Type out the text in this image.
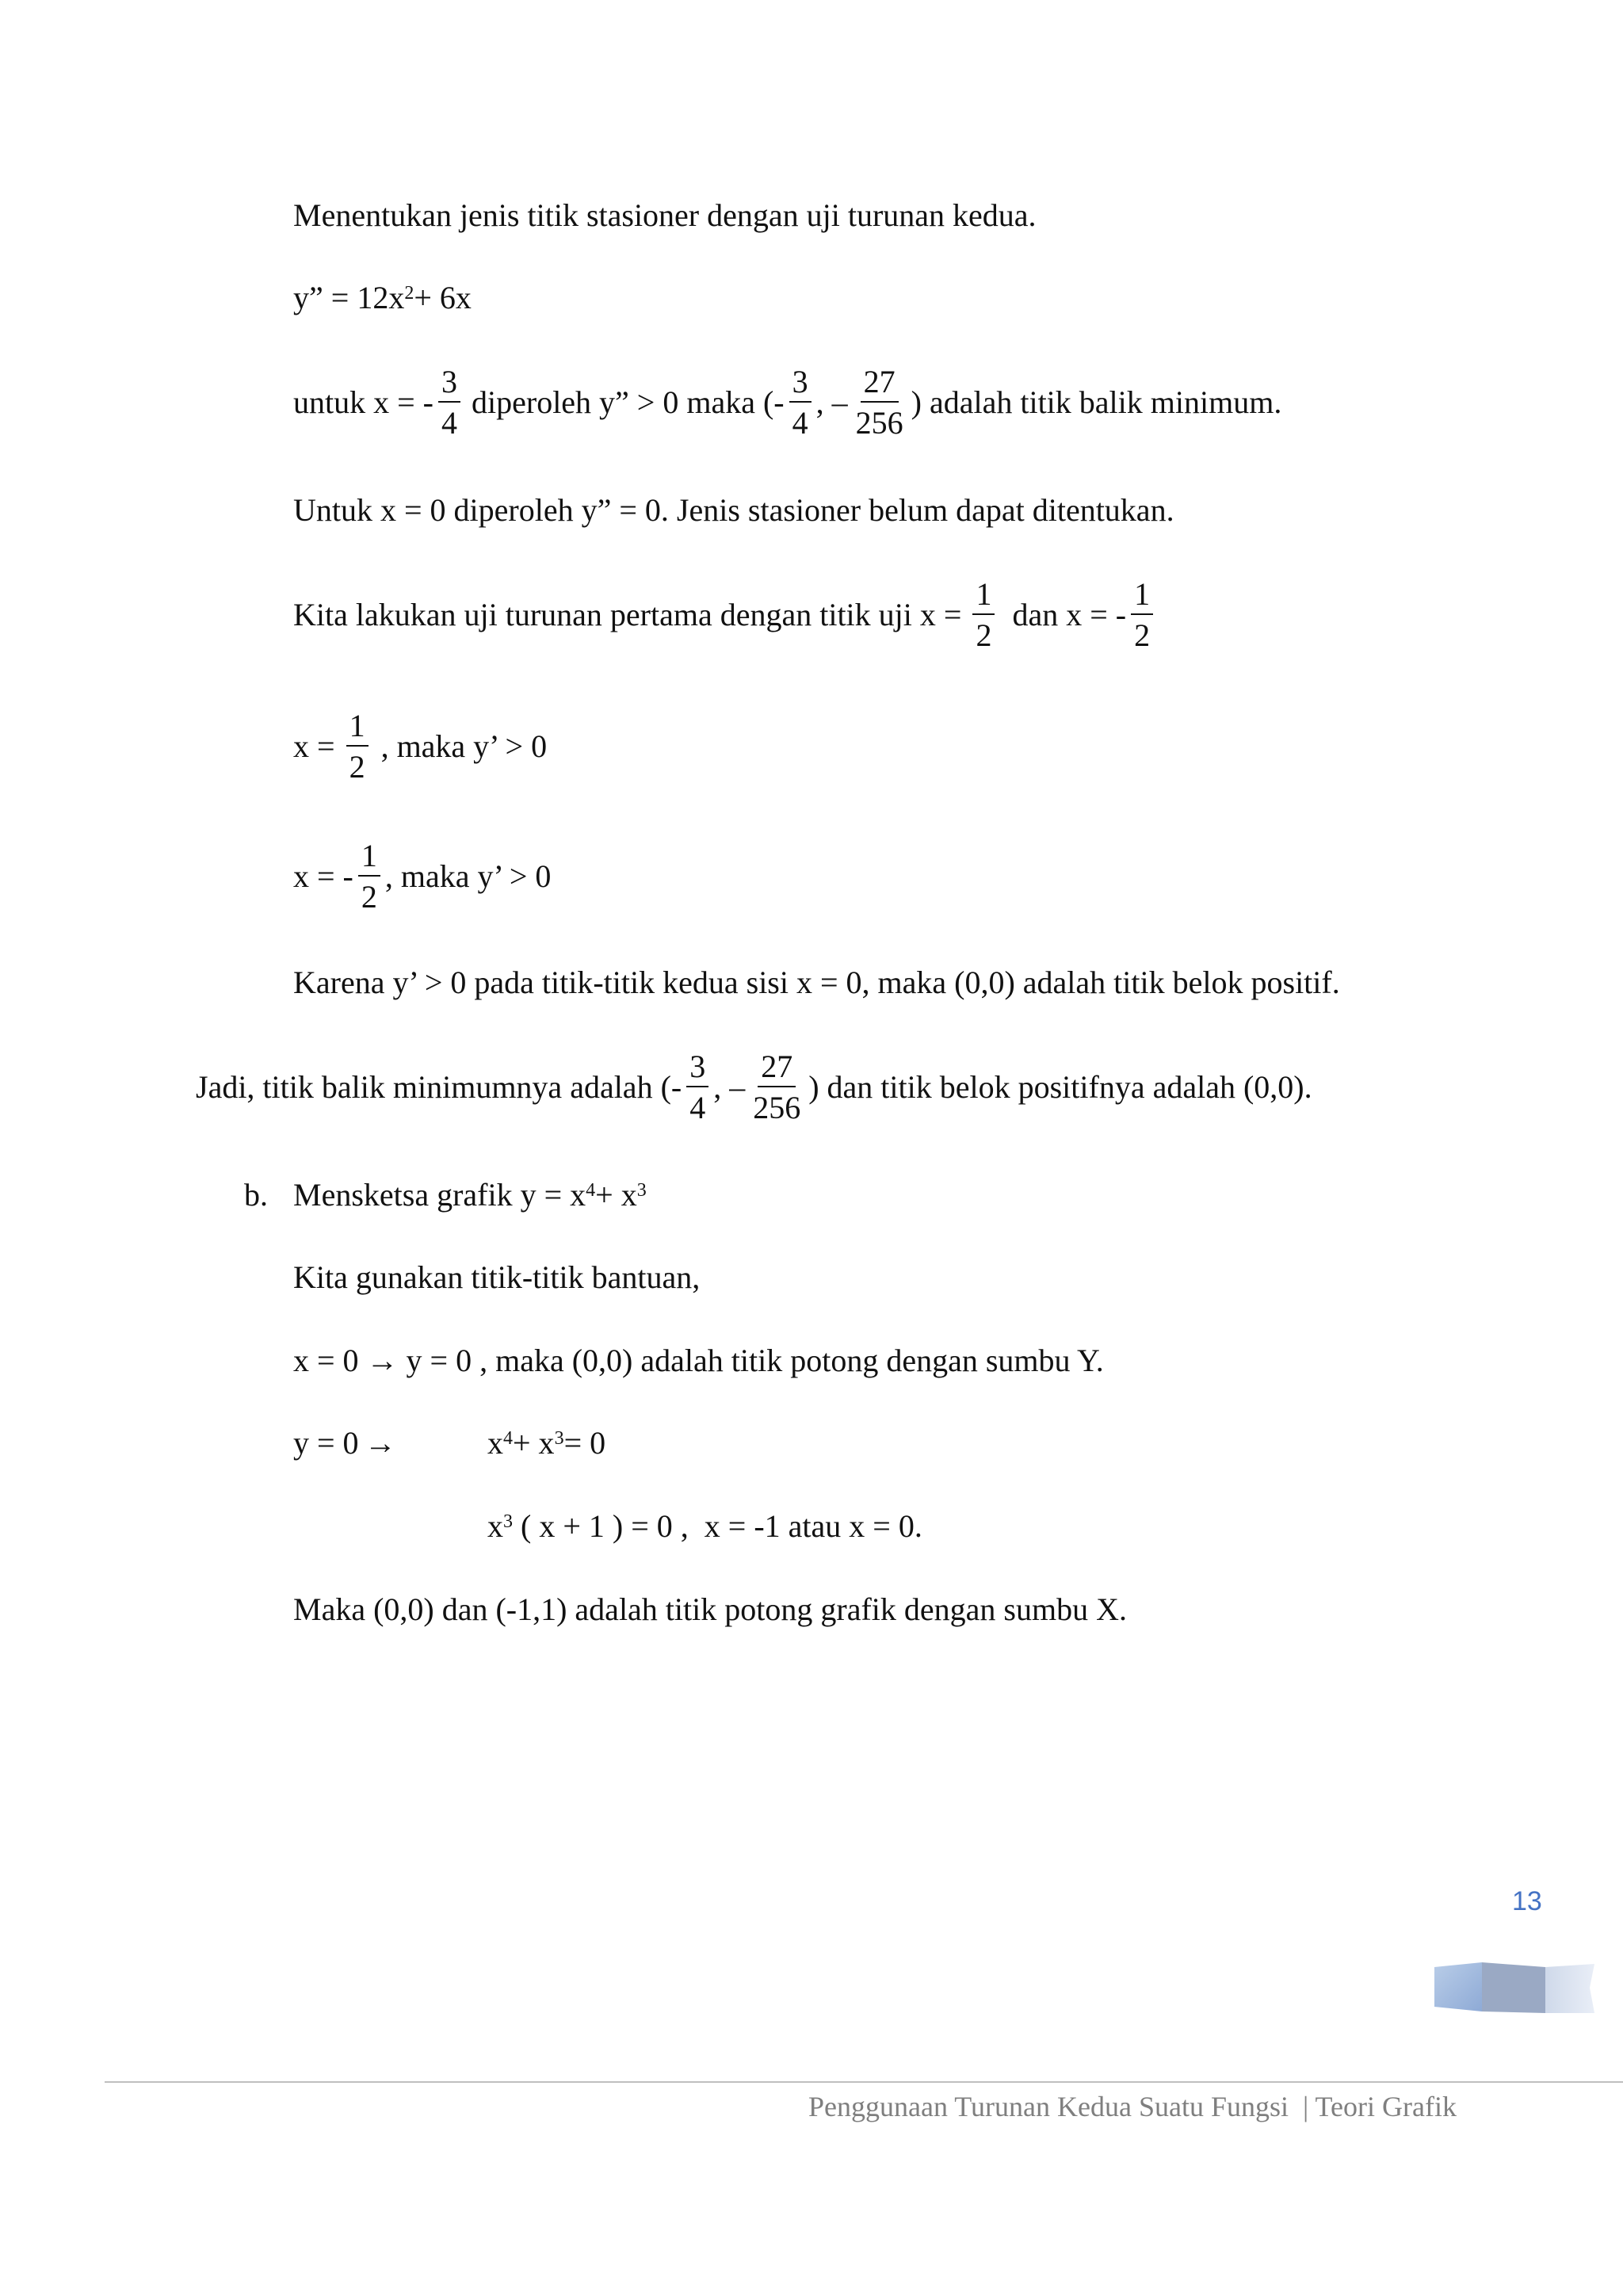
Menentukan jenis titik stasioner dengan uji turunan kedua.
y” = $12x^2 + 6x$
untuk x = - $\frac{3}{4}$ diperoleh y” > 0 maka (- $\frac{3}{4}$ , – $\frac{27}{256}$ ) adalah titik balik minimum.
Untuk x = 0 diperoleh y” = 0. Jenis stasioner belum dapat ditentukan.
Kita lakukan uji turunan pertama dengan titik uji $x = \frac{1}{2}$ dan x = - $\frac{1}{2}$
$x = \frac{1}{2}$ , maka y’ > 0
x = - $\frac{1}{2}$ , maka y’ > 0
Karena y’ > 0 pada titik-titik kedua sisi x = 0, maka (0,0) adalah titik belok positif.
Jadi, titik balik minimumnya adalah (- $\frac{3}{4}$ , – $\frac{27}{256}$ ) dan titik belok positifnya adalah (0,0).
b. Mensketsa grafik $y = x^4 + x^3$
Kita gunakan titik-titik bantuan,
x = 0 → y = 0 , maka (0,0) adalah titik potong dengan sumbu Y.
y = 0 →	$x^4 + x^3 = 0$
$x^3$ ( x + 1 ) = 0 ,  x = -1 atau x = 0.
Maka (0,0) dan (-1,1) adalah titik potong grafik dengan sumbu X.
13
Penggunaan Turunan Kedua Suatu Fungsi  | Teori Grafik
